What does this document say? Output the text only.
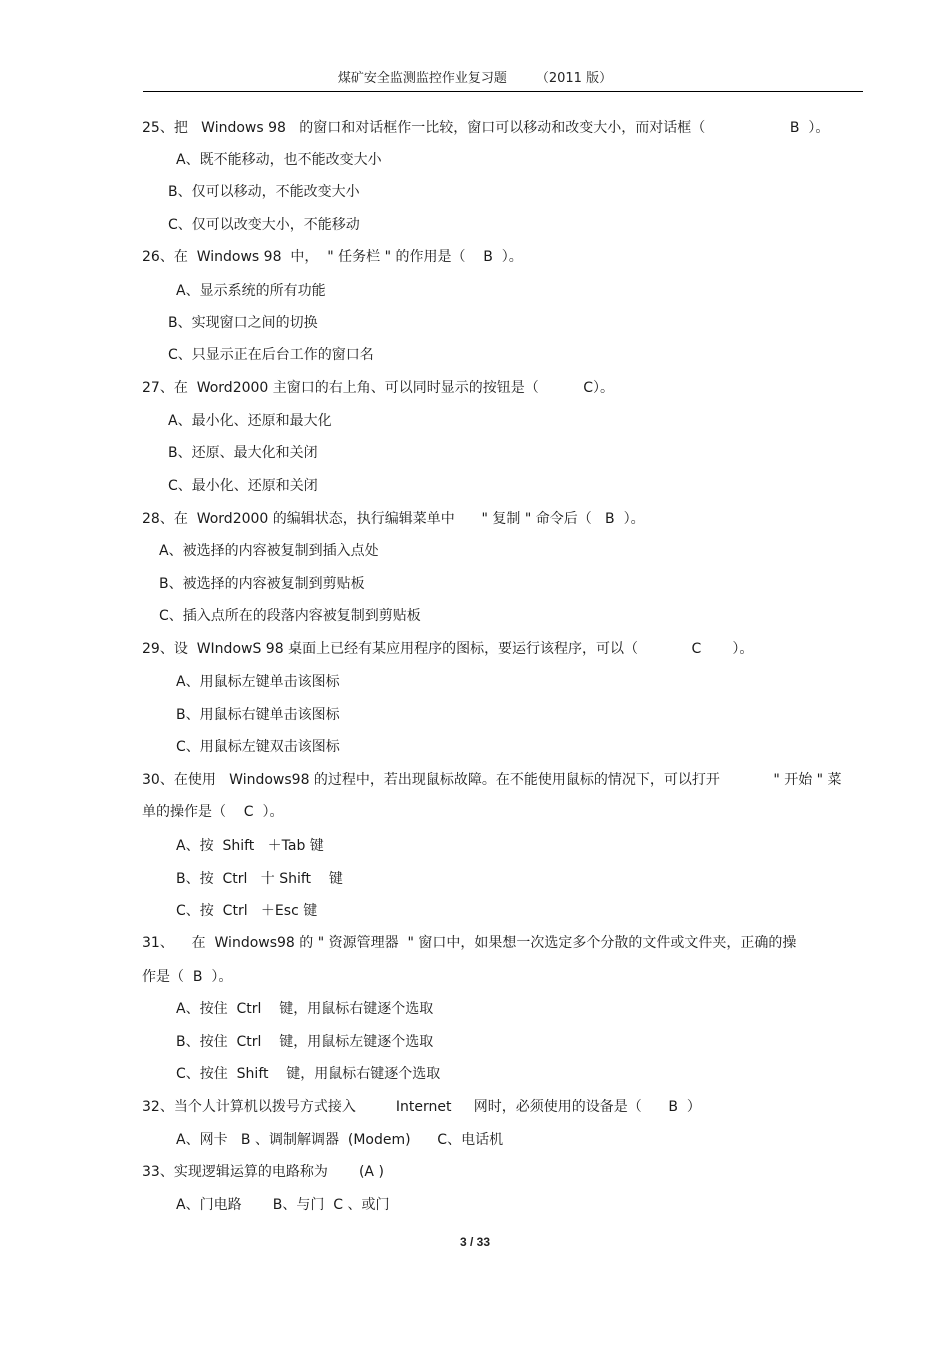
煤矿安全监测监控作业复习题       （2011 版）
25、把   Windows 98   的窗口和对话框作一比较，窗口可以移动和改变大小，而对话框（                   B  ）。
A、既不能移动，也不能改变大小
B、仅可以移动，不能改变大小
C、仅可以改变大小，不能移动
26、在  Windows 98  中，  " 任务栏 " 的作用是（    B  ）。
A、显示系统的所有功能
B、实现窗口之间的切换
C、只显示正在后台工作的窗口名
27、在  Word2000 主窗口的右上角、可以同时显示的按钮是（          C）。
A、最小化、还原和最大化
B、还原、最大化和关闭
C、最小化、还原和关闭
28、在  Word2000 的编辑状态，执行编辑菜单中      " 复制 " 命令后（   B  ）。
A、被选择的内容被复制到插入点处
B、被选择的内容被复制到剪贴板
C、插入点所在的段落内容被复制到剪贴板
29、设  WIndowS 98 桌面上已经有某应用程序的图标，要运行该程序，可以（            C       ）。
A、用鼠标左键单击该图标
B、用鼠标右键单击该图标
C、用鼠标左键双击该图标
30、在使用   Windows98 的过程中，若出现鼠标故障。在不能使用鼠标的情况下，可以打开            " 开始 " 菜
单的操作是（    C  ）。
A、按  Shift   ＋Tab 键
B、按  Ctrl   十 Shift    键
C、按  Ctrl   ＋Esc 键
31、    在  Windows98 的 " 资源管理器  " 窗口中，如果想一次选定多个分散的文件或文件夹，正确的操
作是（  B  ）。
A、按住  Ctrl    键，用鼠标右键逐个选取
B、按住  Ctrl    键，用鼠标左键逐个选取
C、按住  Shift    键，用鼠标右键逐个选取
32、当个人计算机以拨号方式接入         Internet     网时，必须使用的设备是（      B  ）
A、网卡   B 、调制解调器  (Modem)      C、电话机
33、实现逻辑运算的电路称为       (A )
A、门电路       B、与门  C 、或门
3 / 33
